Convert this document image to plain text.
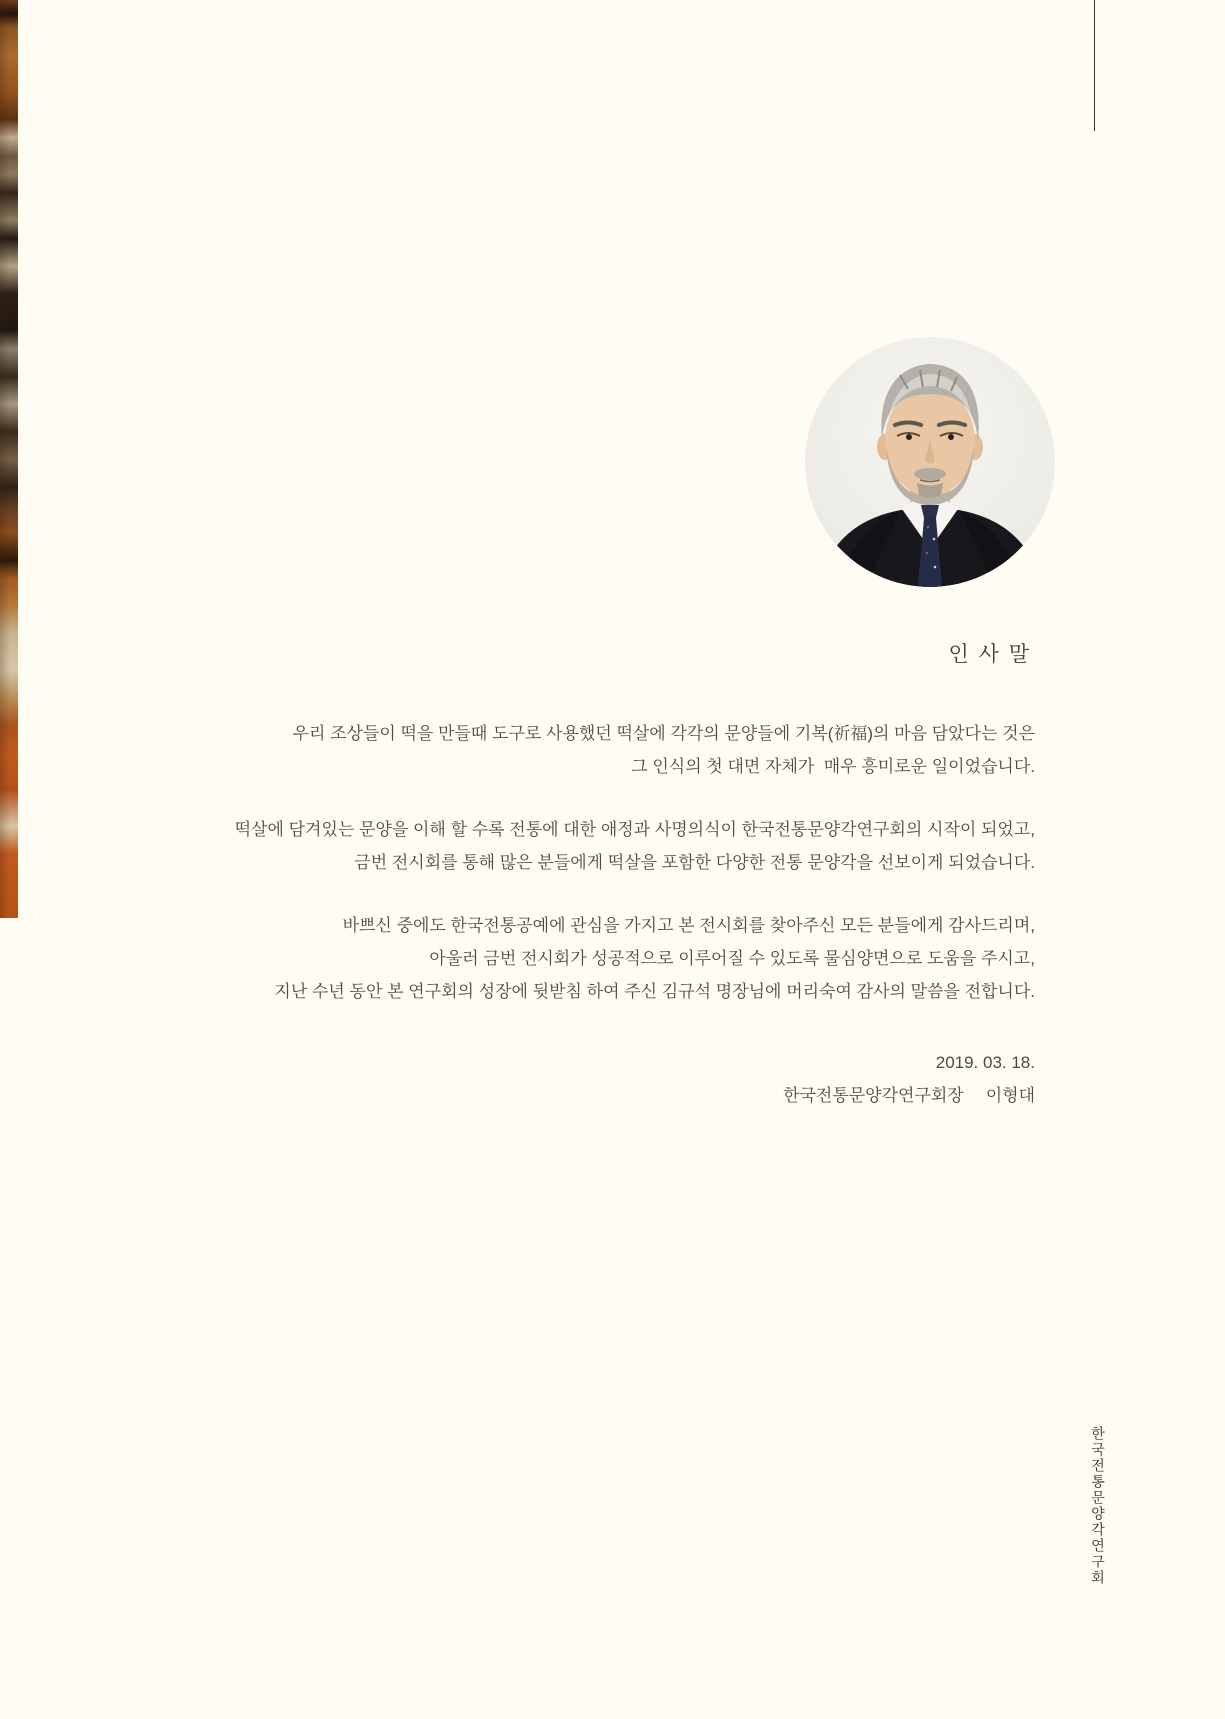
인 사 말
우리 조상들이 떡을 만들때 도구로 사용했던 떡살에 각각의 문양들에 기복(祈福)의 마음 담았다는 것은
그 인식의 첫 대면 자체가  매우 흥미로운 일이었습니다.
떡살에 담겨있는 문양을 이해 할 수록 전통에 대한 애정과 사명의식이 한국전통문양각연구회의 시작이 되었고,
금번 전시회를 통해 많은 분들에게 떡살을 포함한 다양한 전통 문양각을 선보이게 되었습니다.
바쁘신 중에도 한국전통공예에 관심을 가지고 본 전시회를 찾아주신 모든 분들에게 감사드리며,
아울러 금번 전시회가 성공적으로 이루어질 수 있도록 물심양면으로 도움을 주시고,
지난 수년 동안 본 연구회의 성장에 뒷받침 하여 주신 김규석 명장님에 머리숙여 감사의 말씀을 전합니다.
2019. 03. 18.
한국전통문양각연구회장 이형대
한국전통문양각연구회
